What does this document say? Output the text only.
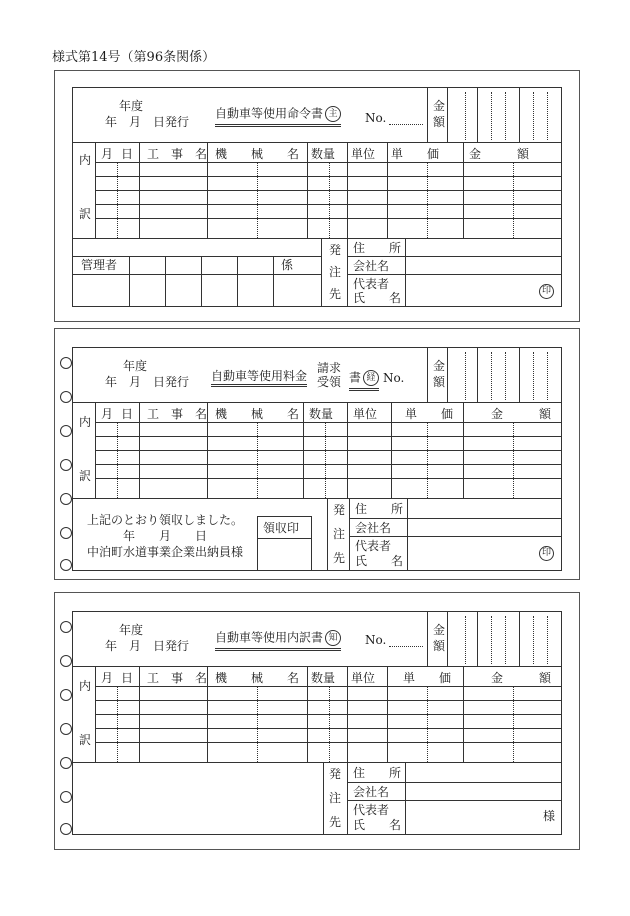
様式第14号（第96条関係）
年度
年　月　日発行
自動車等使用命令書 主 No.
金
額
内
訳
月 日 工　事　名 機　　械　　名 数量 単位 単　　価 金　　　額
管理者	係
発
注
先
住　　所
会社名
代表者
氏　　名	印
年度
年　月　日発行 自動車等使用料金
請求
受領 書 経 No.
金
額
内
訳
月 日 工　事　名 機　　械　　名 数量 単位 単　　価	金　　　額
上記のとおり領収しました。
年　　月　　日
中泊町水道事業企業出納員様
領収印
発
注
先
住　　所
会社名
代表者
氏　　名
印
年度
年　月　日発行
自動車等使用内訳書 知 No.
金
額
内
訳
月 日 工　事　名 機　　械　　名 数量 単位 単　　価	金　　　額
発
注
先
住　　所
会社名
代表者
氏　　名
様
